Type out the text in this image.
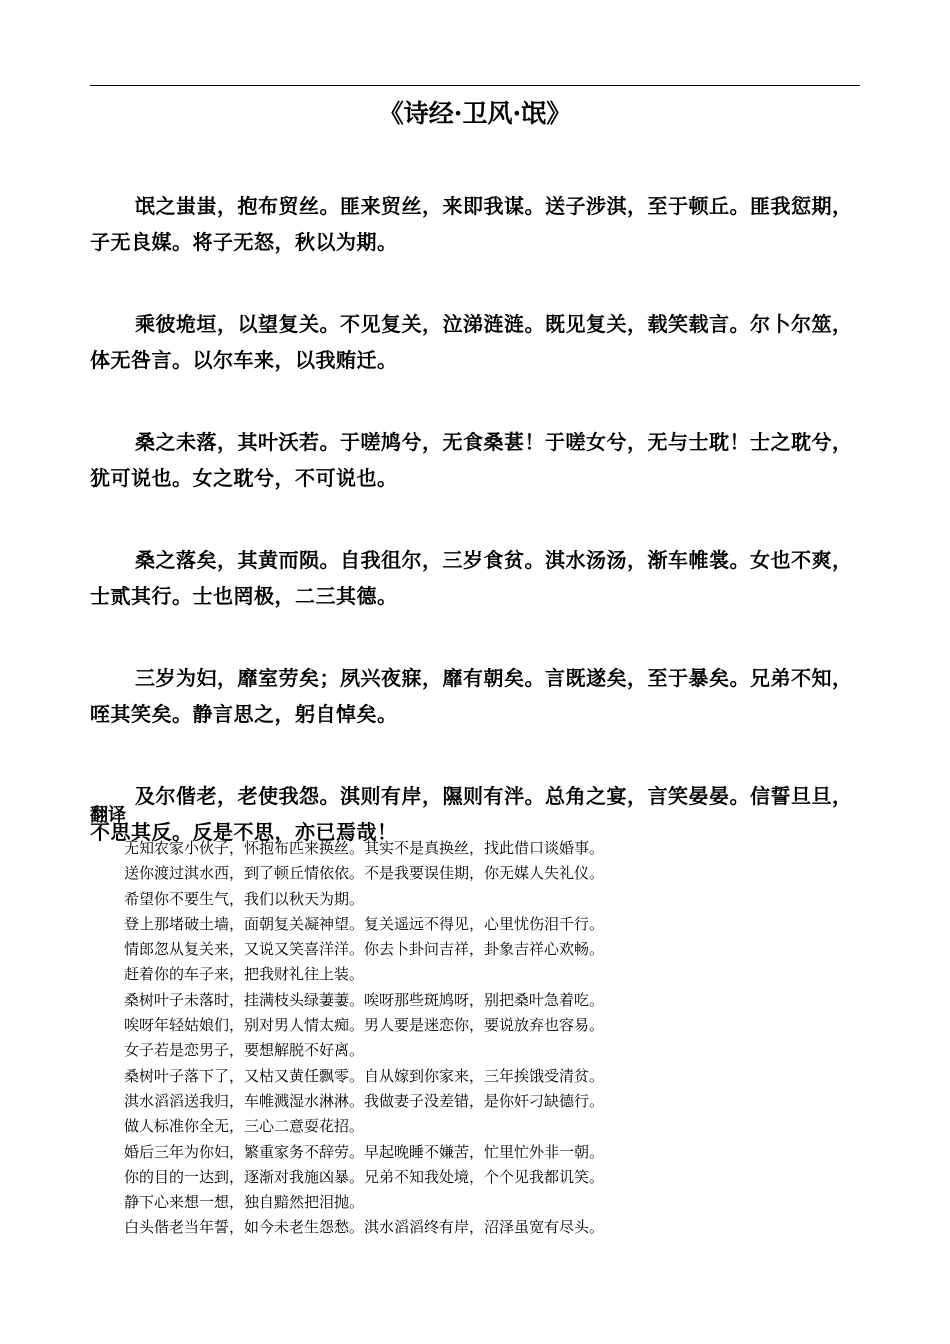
《诗经·卫风·氓》

氓之蚩蚩，抱布贸丝。匪来贸丝，来即我谋。送子涉淇，至于顿丘。匪我愆期，
子无良媒。将子无怒，秋以为期。

乘彼垝垣，以望复关。不见复关，泣涕涟涟。既见复关，载笑载言。尔卜尔筮，
体无咎言。以尔车来，以我贿迁。

桑之未落，其叶沃若。于嗟鸠兮，无食桑葚！于嗟女兮，无与士耽！士之耽兮，
犹可说也。女之耽兮，不可说也。

桑之落矣，其黄而陨。自我徂尔，三岁食贫。淇水汤汤，渐车帷裳。女也不爽，
士贰其行。士也罔极，二三其德。

三岁为妇，靡室劳矣；夙兴夜寐，靡有朝矣。言既遂矣，至于暴矣。兄弟不知，
咥其笑矣。静言思之，躬自悼矣。

及尔偕老，老使我怨。淇则有岸，隰则有泮。总角之宴，言笑晏晏。信誓旦旦，
不思其反。反是不思，亦已焉哉！

翻译
无知农家小伙子，怀抱布匹来换丝。其实不是真换丝，找此借口谈婚事。
送你渡过淇水西，到了顿丘情依依。不是我要误佳期，你无媒人失礼仪。
希望你不要生气，我们以秋天为期。
登上那堵破土墙，面朝复关凝神望。复关遥远不得见，心里忧伤泪千行。
情郎忽从复关来，又说又笑喜洋洋。你去卜卦问吉祥，卦象吉祥心欢畅。
赶着你的车子来，把我财礼往上装。
桑树叶子未落时，挂满枝头绿萋萋。唉呀那些斑鸠呀，别把桑叶急着吃。
唉呀年轻姑娘们，别对男人情太痴。男人要是迷恋你，要说放弃也容易。
女子若是恋男子，要想解脱不好离。
桑树叶子落下了，又枯又黄任飘零。自从嫁到你家来，三年挨饿受清贫。
淇水滔滔送我归，车帷溅湿水淋淋。我做妻子没差错，是你奸刁缺德行。
做人标准你全无，三心二意耍花招。
婚后三年为你妇，繁重家务不辞劳。早起晚睡不嫌苦，忙里忙外非一朝。
你的目的一达到，逐渐对我施凶暴。兄弟不知我处境，个个见我都讥笑。
静下心来想一想，独自黯然把泪抛。
白头偕老当年誓，如今未老生怨愁。淇水滔滔终有岸，沼泽虽宽有尽头。
